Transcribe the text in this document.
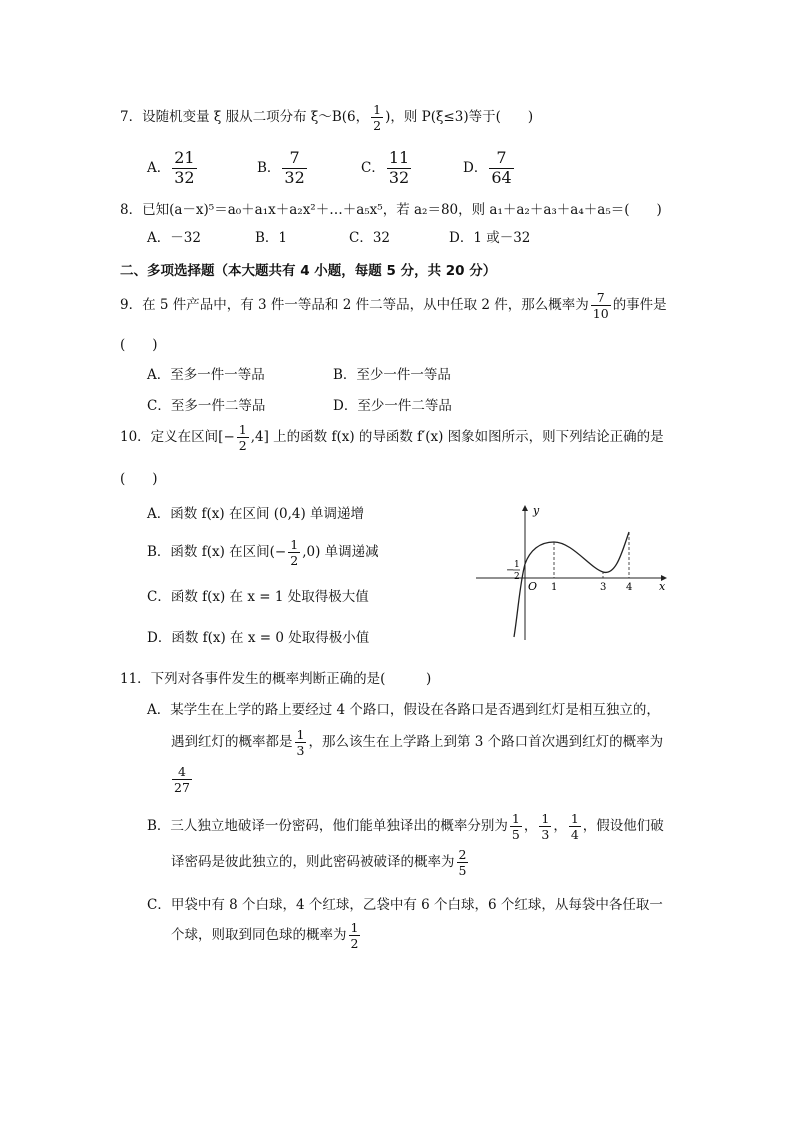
7．设随机变量 ξ 服从二项分布 ξ～B(6， $\frac{1}{2}$ )，则 P(ξ≤3)等于(　　)
A． $\frac{21}{32}$	B． $\frac{7}{32}$	C． $\frac{11}{32}$	D． $\frac{7}{64}$
8．已知(a－x)⁵＝a₀＋a₁x＋a₂x²＋…＋a₅x⁵，若 a₂＝80，则 a₁＋a₂＋a₃＋a₄＋a₅＝(　　)
A．－32	B．1	C．32	D．1 或－32
二、多项选择题（本大题共有 4 小题，每题 5 分，共 20 分）
9．在 5 件产品中，有 3 件一等品和 2 件二等品，从中任取 2 件，那么概率为 $\frac{7}{10}$ 的事件是
(　　)
A．至多一件一等品	B．至少一件一等品
C．至多一件二等品	D．至少一件二等品
10．定义在区间[− $\frac{1}{2} ,4$] 上的函数 f(x) 的导函数 f′(x) 图象如图所示，则下列结论正确的是
(　　)
A．函数 f(x) 在区间 (0,4) 单调递增
B．函数 f(x) 在区间(− $\frac{1}{2} ,0$) 单调递减
C．函数 f(x) 在 x = 1 处取得极大值
D．函数 f(x) 在 x = 0 处取得极小值
y
x
O
− 1
2
1	3 4
11．下列对各事件发生的概率判断正确的是(　　　)
A．某学生在上学的路上要经过 4 个路口，假设在各路口是否遇到红灯是相互独立的，
遇到红灯的概率都是 $\frac{1}{3}$ ，那么该生在上学路上到第 3 个路口首次遇到红灯的概率为
$\frac{4}{27}$
B．三人独立地破译一份密码，他们能单独译出的概率分别为 $\frac{1}{5}$ ， $\frac{1}{3}$ ， $\frac{1}{4}$ ，假设他们破
译密码是彼此独立的，则此密码被破译的概率为 $\frac{2}{5}$
C．甲袋中有 8 个白球，4 个红球，乙袋中有 6 个白球，6 个红球，从每袋中各任取一
个球，则取到同色球的概率为 $\frac{1}{2}$
